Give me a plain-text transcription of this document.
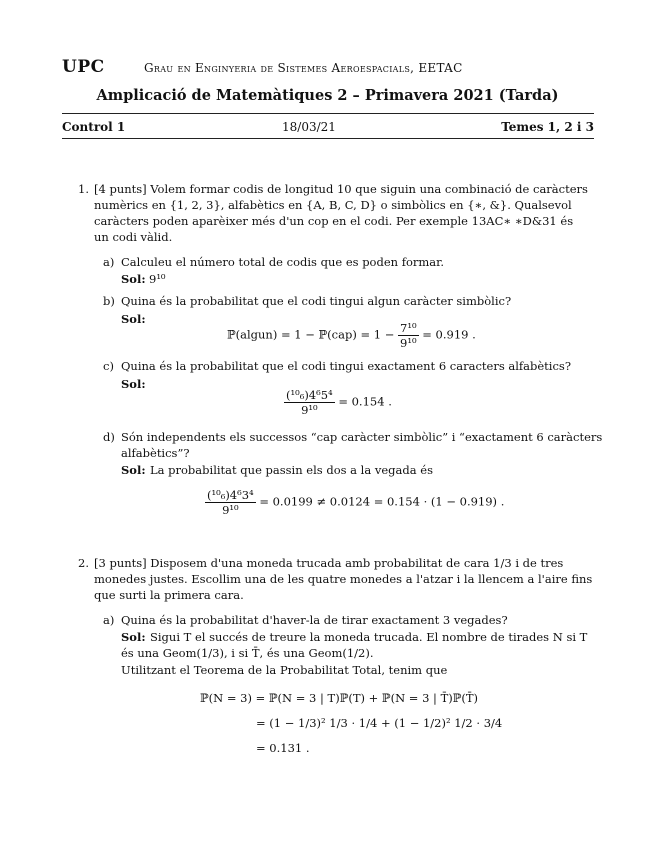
UPC	Grau en Enginyeria de Sistemes Aeroespacials, EETAC
Amplicació de Matemàtiques 2 – Primavera 2021 (Tarda)
Control 1	18/03/21	Temes 1, 2 i 3
1. [4 punts] Volem formar codis de longitud 10 que siguin una combinació de caràcters
numèrics en {1, 2, 3}, alfabètics en {A, B, C, D} o simbòlics en {∗, &}. Qualsevol
caràcters poden aparèixer més d'un cop en el codi. Per exemple 13AC∗ ∗D&31 és
un codi vàlid.
a) Calculeu el número total de codis que es poden formar.
Sol: 9¹⁰
b) Quina és la probabilitat que el codi tingui algun caràcter simbòlic?
Sol:
ℙ(algun) = 1 − ℙ(cap) = $1 - \frac{\text{7¹⁰}}{\text{9¹⁰}} = 0.919$ .
c) Quina és la probabilitat que el codi tingui exactament 6 caracters alfabètics?
Sol:
$\frac{\text{(¹⁰₆)4⁶5⁴}}{\text{9¹⁰}} = 0.154$ .
d) Són independents els successos “cap caràcter simbòlic” i “exactament 6 caràcters
alfabètics”?
Sol: La probabilitat que passin els dos a la vegada és
$\frac{\text{(¹⁰₆)4⁶3⁴}}{\text{9¹⁰}} = 0.0199 \ne 0.0124 = 0.154 \cdot (1 - 0.919)$ .
2. [3 punts] Disposem d'una moneda trucada amb probabilitat de cara 1/3 i de tres
monedes justes. Escollim una de les quatre monedes a l'atzar i la llencem a l'aire fins
que surti la primera cara.
a) Quina és la probabilitat d'haver-la de tirar exactament 3 vegades?
Sol: Sigui T el succés de treure la moneda trucada. El nombre de tirades N si T
és una Geom(1/3), i si T̄, és una Geom(1/2).
Utilitzant el Teorema de la Probabilitat Total, tenim que
ℙ(N = 3) = ℙ(N = 3 | T)ℙ(T) + ℙ(N = 3 | T̄)ℙ(T̄)
= (1 − 1/3)² 1/3 · 1/4 + (1 − 1/2)² 1/2 · 3/4
= 0.131 .
